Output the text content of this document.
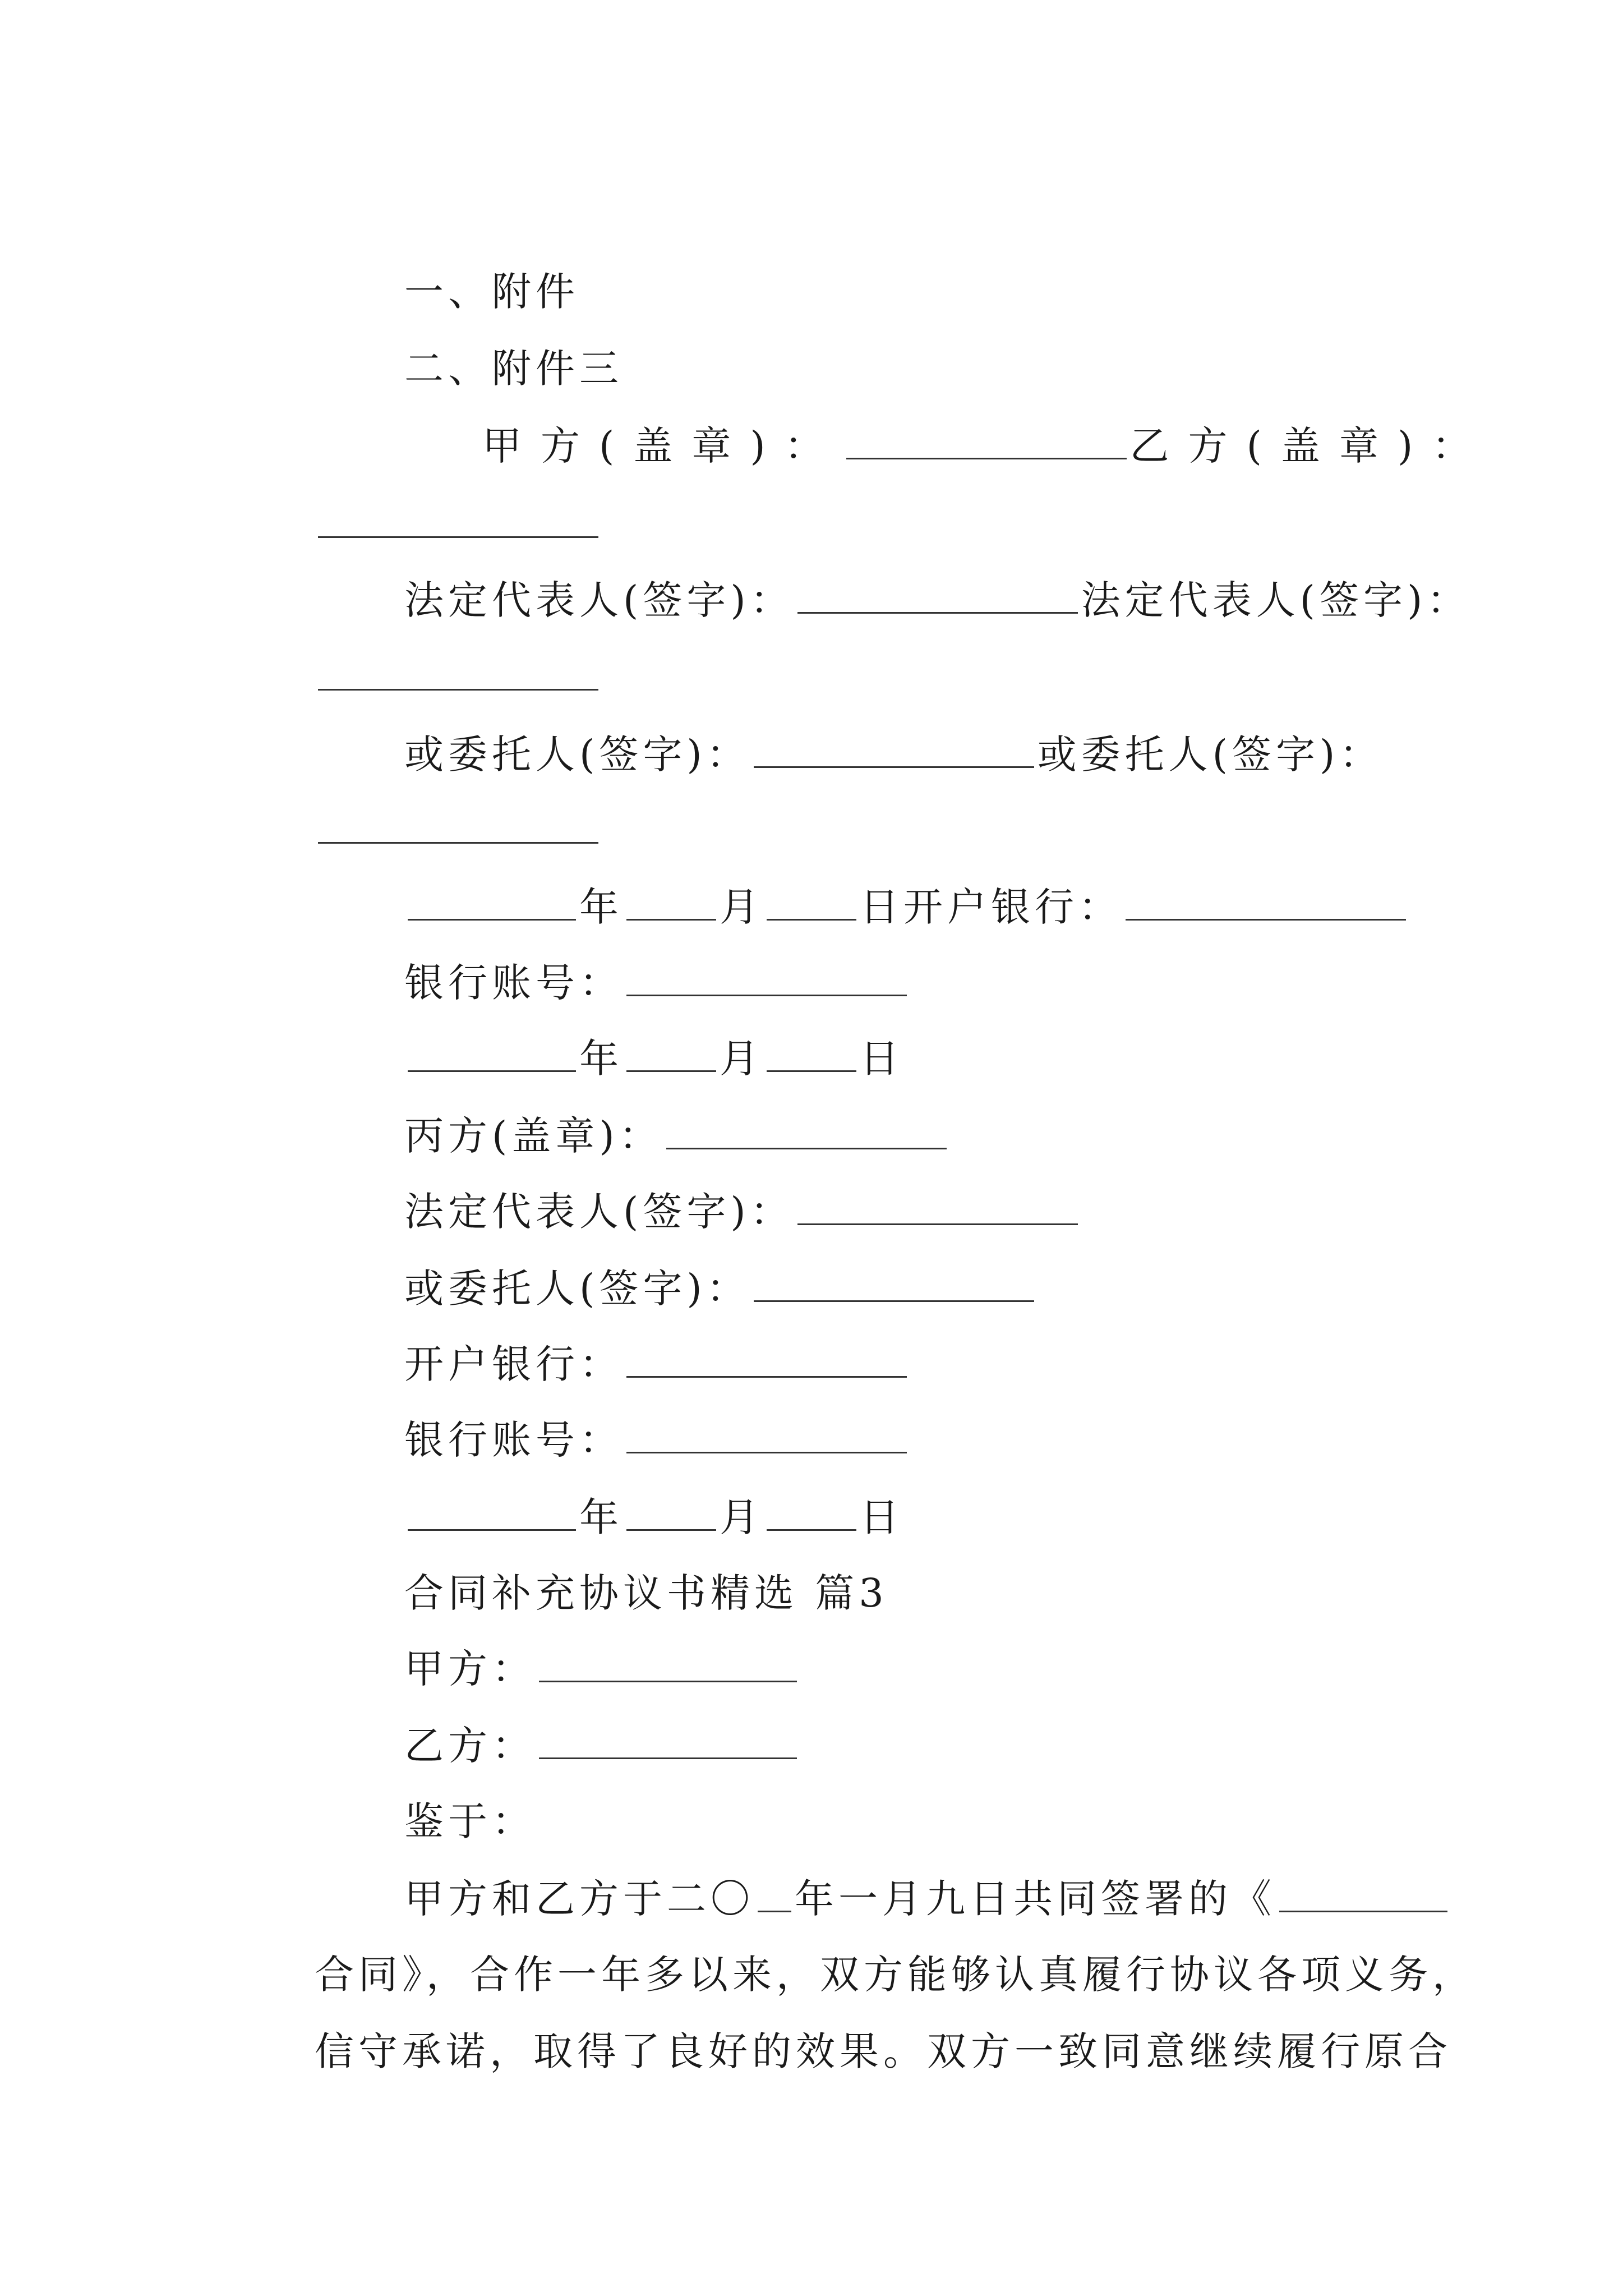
一、附件

二、附件三

甲方(盖章)：	乙方(盖章)：

法定代表人(签字)：	法定代表人(签字)：

或委托人(签字)：	或委托人(签字)：

年 月 日开户银行：

银行账号：

年 月 日

丙方(盖章)：

法定代表人(签字)：

或委托人(签字)：

开户银行：

银行账号：

年 月 日

合同补充协议书精选 篇3

甲方：

乙方：

鉴于：

甲方和乙方于二〇 年一月九日共同签署的《

合同》，合作一年多以来，双方能够认真履行协议各项义务，

信守承诺，取得了良好的效果。双方一致同意继续履行原合
